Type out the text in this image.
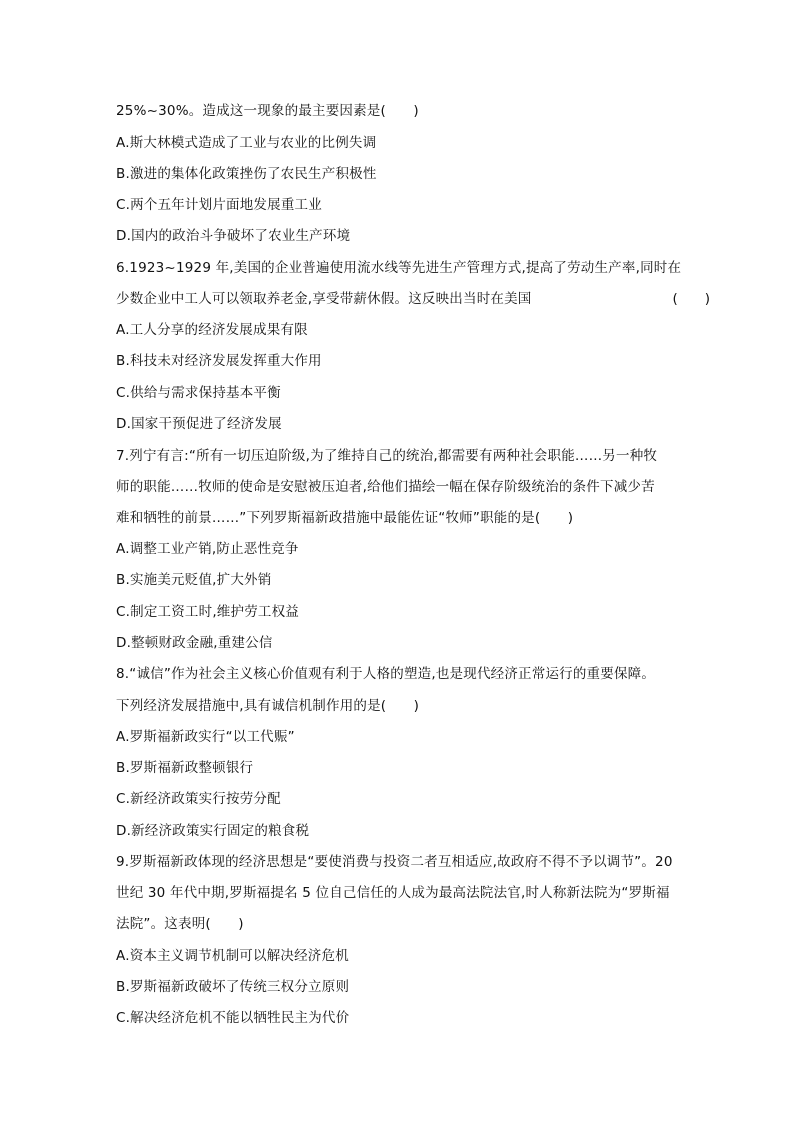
25%~30%。造成这一现象的最主要因素是(　　)
A.斯大林模式造成了工业与农业的比例失调
B.激进的集体化政策挫伤了农民生产积极性
C.两个五年计划片面地发展重工业
D.国内的政治斗争破坏了农业生产环境
6.1923~1929 年,美国的企业普遍使用流水线等先进生产管理方式,提高了劳动生产率,同时在
少数企业中工人可以领取养老金,享受带薪休假。这反映出当时在美国	(　　)
A.工人分享的经济发展成果有限
B.科技未对经济发展发挥重大作用
C.供给与需求保持基本平衡
D.国家干预促进了经济发展
7.列宁有言:“所有一切压迫阶级,为了维持自己的统治,都需要有两种社会职能……另一种牧
师的职能……牧师的使命是安慰被压迫者,给他们描绘一幅在保存阶级统治的条件下减少苦
难和牺牲的前景……”下列罗斯福新政措施中最能佐证“牧师”职能的是(　　)
A.调整工业产销,防止恶性竞争
B.实施美元贬值,扩大外销
C.制定工资工时,维护劳工权益
D.整顿财政金融,重建公信
8.“诚信”作为社会主义核心价值观有利于人格的塑造,也是现代经济正常运行的重要保障。
下列经济发展措施中,具有诚信机制作用的是(　　)
A.罗斯福新政实行“以工代赈”
B.罗斯福新政整顿银行
C.新经济政策实行按劳分配
D.新经济政策实行固定的粮食税
9.罗斯福新政体现的经济思想是“要使消费与投资二者互相适应,故政府不得不予以调节”。20
世纪 30 年代中期,罗斯福提名 5 位自己信任的人成为最高法院法官,时人称新法院为“罗斯福
法院”。这表明(　　)
A.资本主义调节机制可以解决经济危机
B.罗斯福新政破坏了传统三权分立原则
C.解决经济危机不能以牺牲民主为代价
